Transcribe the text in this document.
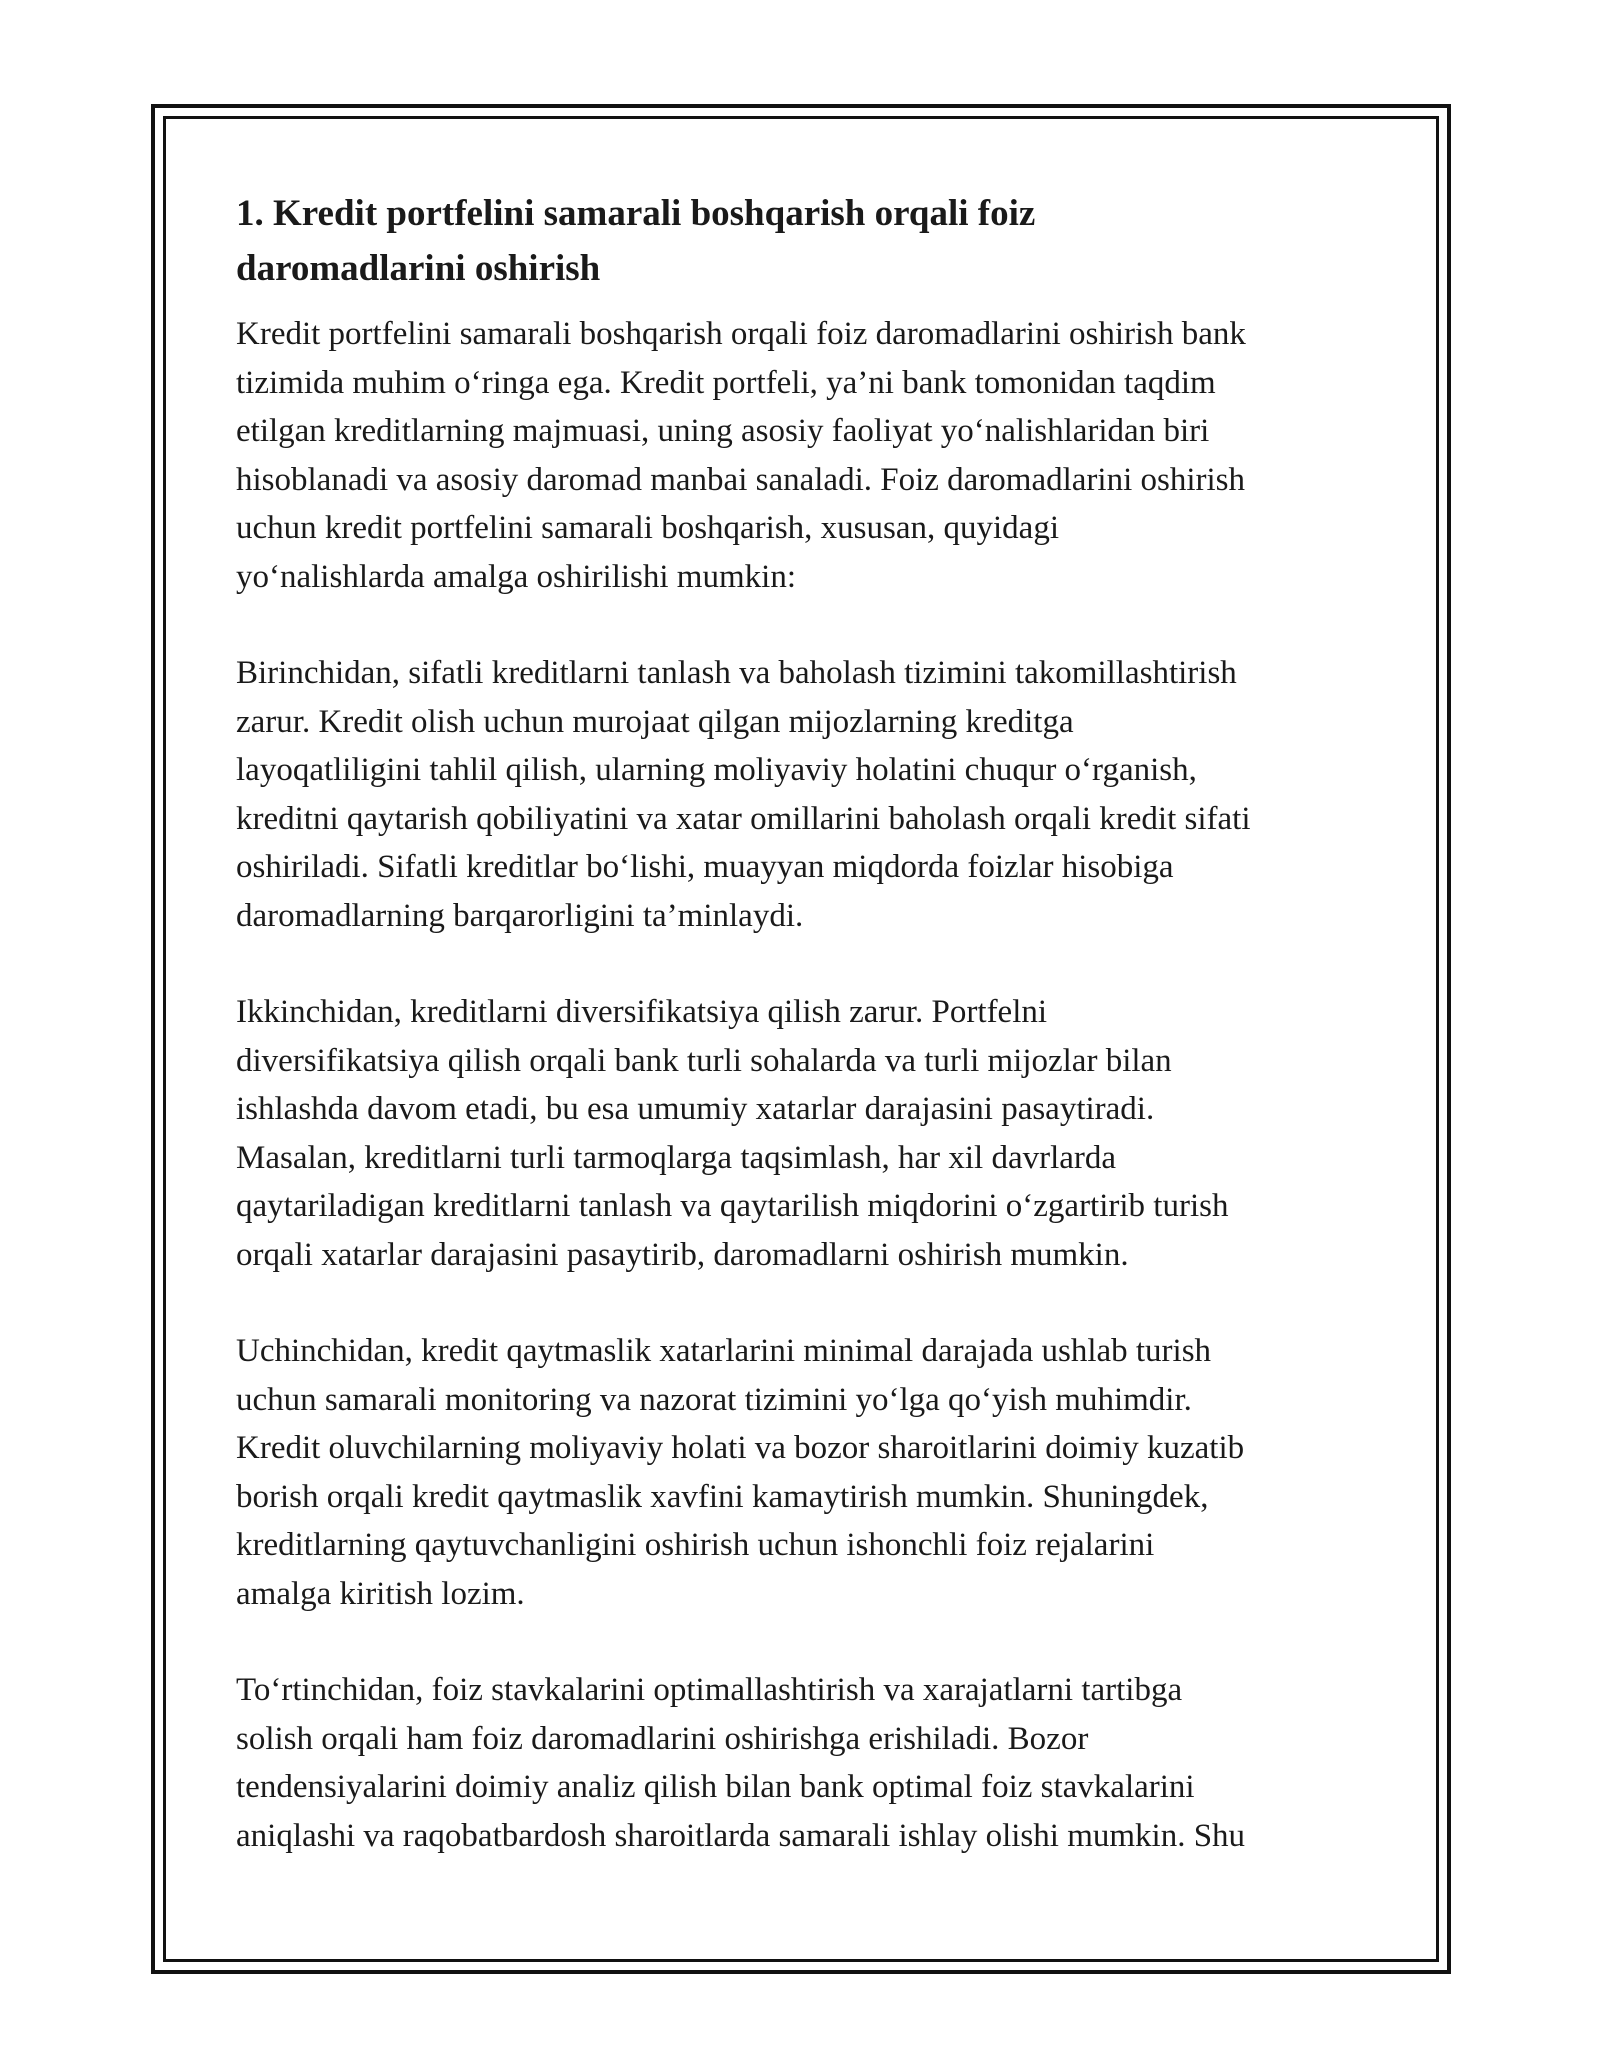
1. Kredit portfelini samarali boshqarish orqali foiz daromadlarini oshirish

Kredit portfelini samarali boshqarish orqali foiz daromadlarini oshirish bank
tizimida muhim o‘ringa ega. Kredit portfeli, ya’ni bank tomonidan taqdim
etilgan kreditlarning majmuasi, uning asosiy faoliyat yo‘nalishlaridan biri
hisoblanadi va asosiy daromad manbai sanaladi. Foiz daromadlarini oshirish
uchun kredit portfelini samarali boshqarish, xususan, quyidagi
yo‘nalishlarda amalga oshirilishi mumkin:

Birinchidan, sifatli kreditlarni tanlash va baholash tizimini takomillashtirish
zarur. Kredit olish uchun murojaat qilgan mijozlarning kreditga
layoqatliligini tahlil qilish, ularning moliyaviy holatini chuqur o‘rganish,
kreditni qaytarish qobiliyatini va xatar omillarini baholash orqali kredit sifati
oshiriladi. Sifatli kreditlar bo‘lishi, muayyan miqdorda foizlar hisobiga
daromadlarning barqarorligini ta’minlaydi.

Ikkinchidan, kreditlarni diversifikatsiya qilish zarur. Portfelni
diversifikatsiya qilish orqali bank turli sohalarda va turli mijozlar bilan
ishlashda davom etadi, bu esa umumiy xatarlar darajasini pasaytiradi.
Masalan, kreditlarni turli tarmoqlarga taqsimlash, har xil davrlarda
qaytariladigan kreditlarni tanlash va qaytarilish miqdorini o‘zgartirib turish
orqali xatarlar darajasini pasaytirib, daromadlarni oshirish mumkin.

Uchinchidan, kredit qaytmaslik xatarlarini minimal darajada ushlab turish
uchun samarali monitoring va nazorat tizimini yo‘lga qo‘yish muhimdir.
Kredit oluvchilarning moliyaviy holati va bozor sharoitlarini doimiy kuzatib
borish orqali kredit qaytmaslik xavfini kamaytirish mumkin. Shuningdek,
kreditlarning qaytuvchanligini oshirish uchun ishonchli foiz rejalarini
amalga kiritish lozim.

To‘rtinchidan, foiz stavkalarini optimallashtirish va xarajatlarni tartibga
solish orqali ham foiz daromadlarini oshirishga erishiladi. Bozor
tendensiyalarini doimiy analiz qilish bilan bank optimal foiz stavkalarini
aniqlashi va raqobatbardosh sharoitlarda samarali ishlay olishi mumkin. Shu
